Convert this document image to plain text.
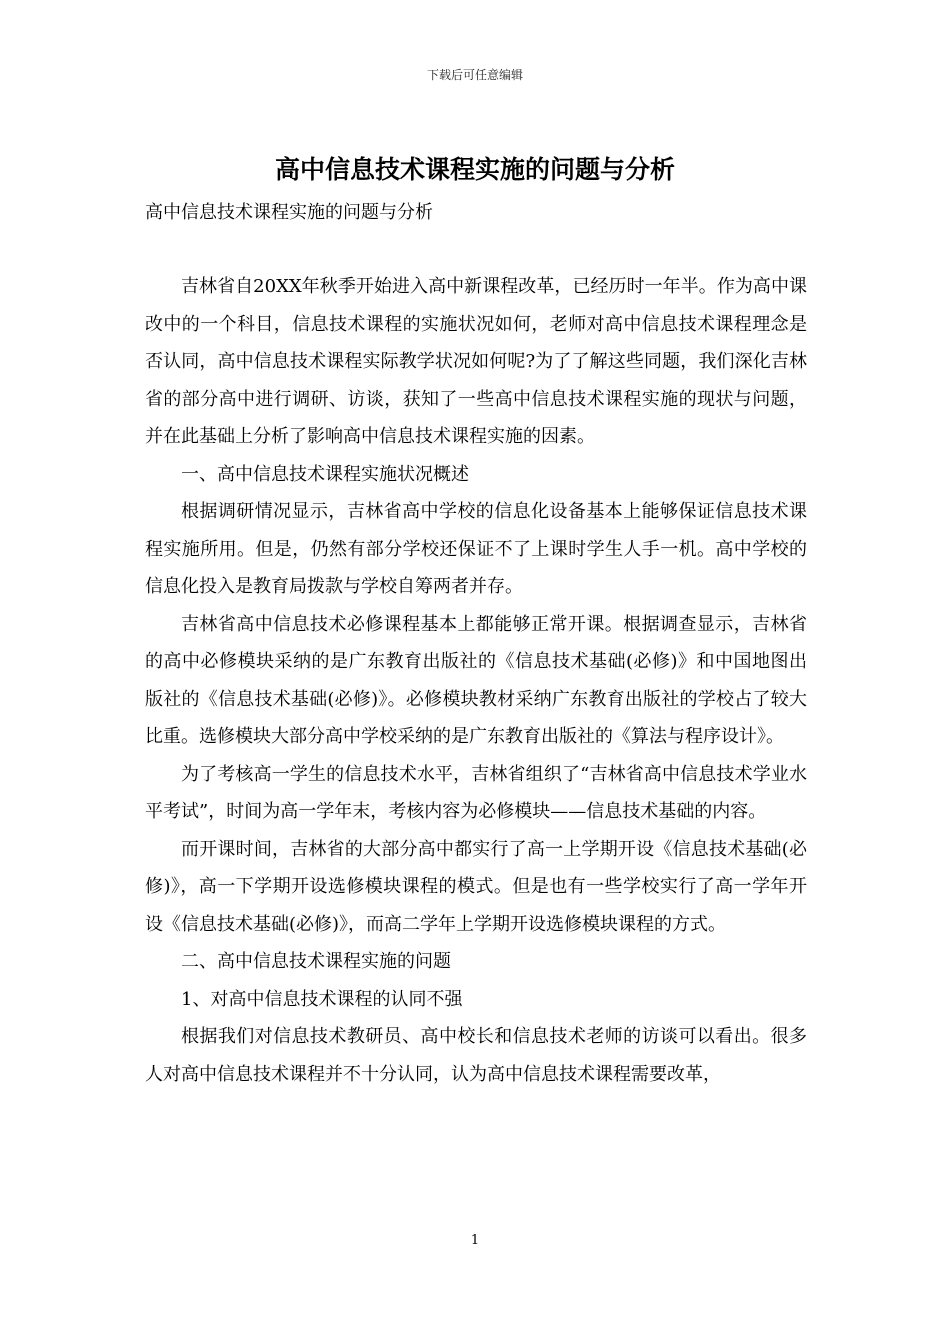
下载后可任意编辑
高中信息技术课程实施的问题与分析
高中信息技术课程实施的问题与分析

吉林省自20XX年秋季开始进入高中新课程改革，已经历时一年半。作为高中课改中的一个科目，信息技术课程的实施状况如何，老师对高中信息技术课程理念是否认同，高中信息技术课程实际教学状况如何呢?为了了解这些同题，我们深化吉林省的部分高中进行调研、访谈，获知了一些高中信息技术课程实施的现状与问题，并在此基础上分析了影响高中信息技术课程实施的因素。

一、高中信息技术课程实施状况概述

根据调研情况显示，吉林省高中学校的信息化设备基本上能够保证信息技术课程实施所用。但是，仍然有部分学校还保证不了上课时学生人手一机。高中学校的信息化投入是教育局拨款与学校自筹两者并存。

吉林省高中信息技术必修课程基本上都能够正常开课。根据调查显示，吉林省的高中必修模块采纳的是广东教育出版社的《信息技术基础(必修)》和中国地图出版社的《信息技术基础(必修)》。必修模块教材采纳广东教育出版社的学校占了较大比重。选修模块大部分高中学校采纳的是广东教育出版社的《算法与程序设计》。

为了考核高一学生的信息技术水平，吉林省组织了“吉林省高中信息技术学业水平考试”，时间为高一学年末，考核内容为必修模块——信息技术基础的内容。

而开课时间，吉林省的大部分高中都实行了高一上学期开设《信息技术基础(必修)》，高一下学期开设选修模块课程的模式。但是也有一些学校实行了高一学年开设《信息技术基础(必修)》，而高二学年上学期开设选修模块课程的方式。

二、高中信息技术课程实施的问题

1、对高中信息技术课程的认同不强

根据我们对信息技术教研员、高中校长和信息技术老师的访谈可以看出。很多人对高中信息技术课程并不十分认同，认为高中信息技术课程需要改革，

1
